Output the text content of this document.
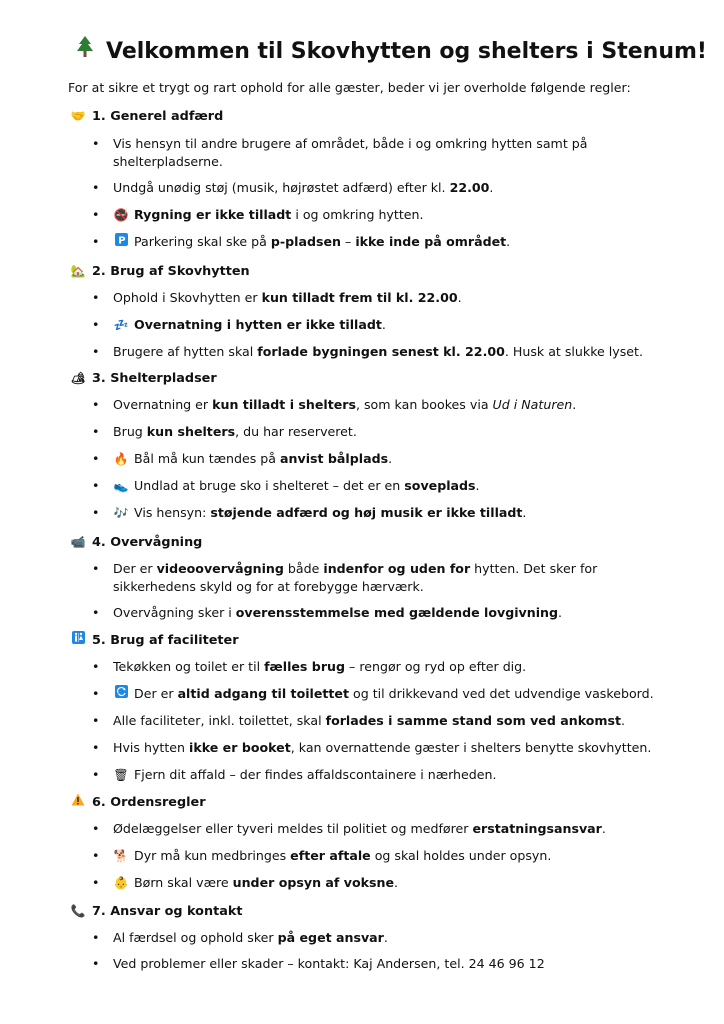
Velkommen til Skovhytten og shelters i Stenum!
For at sikre et trygt og rart ophold for alle gæster, beder vi jer overholde følgende regler:
🤝 1. Generel adfærd
• Vis hensyn til andre brugere af området, både i og omkring hytten samt på shelterpladserne.
• Undgå unødig støj (musik, højrøstet adfærd) efter kl. 22.00.
• 🚭 Rygning er ikke tilladt i og omkring hytten.
• P Parkering skal ske på p-pladsen – ikke inde på området.
🏡 2. Brug af Skovhytten
• Ophold i Skovhytten er kun tilladt frem til kl. 22.00.
• 💤 Overnatning i hytten er ikke tilladt.
• Brugere af hytten skal forlade bygningen senest kl. 22.00. Husk at slukke lyset.
🏕 3. Shelterpladser
• Overnatning er kun tilladt i shelters, som kan bookes via Ud i Naturen.
• Brug kun shelters, du har reserveret.
• 🔥 Bål må kun tændes på anvist bålplads.
• 👟 Undlad at bruge sko i shelteret – det er en soveplads.
• 🎶 Vis hensyn: støjende adfærd og høj musik er ikke tilladt.
📹 4. Overvågning
• Der er videoovervågning både indenfor og uden for hytten. Det sker for sikkerhedens skyld og for at forebygge hærværk.
• Overvågning sker i overensstemmelse med gældende lovgivning.
5. Brug af faciliteter
• Tekøkken og toilet er til fælles brug – rengør og ryd op efter dig.
•	Der er altid adgang til toilettet og til drikkevand ved det udvendige vaskebord.
• Alle faciliteter, inkl. toilettet, skal forlades i samme stand som ved ankomst.
• Hvis hytten ikke er booket, kan overnattende gæster i shelters benytte skovhytten.
• 🗑 Fjern dit affald – der findes affaldscontainere i nærheden.
6. Ordensregler
• Ødelæggelser eller tyveri meldes til politiet og medfører erstatningsansvar.
• 🐕 Dyr må kun medbringes efter aftale og skal holdes under opsyn.
• 👶 Børn skal være under opsyn af voksne.
📞 7. Ansvar og kontakt
• Al færdsel og ophold sker på eget ansvar.
• Ved problemer eller skader – kontakt: Kaj Andersen, tel. 24 46 96 12
